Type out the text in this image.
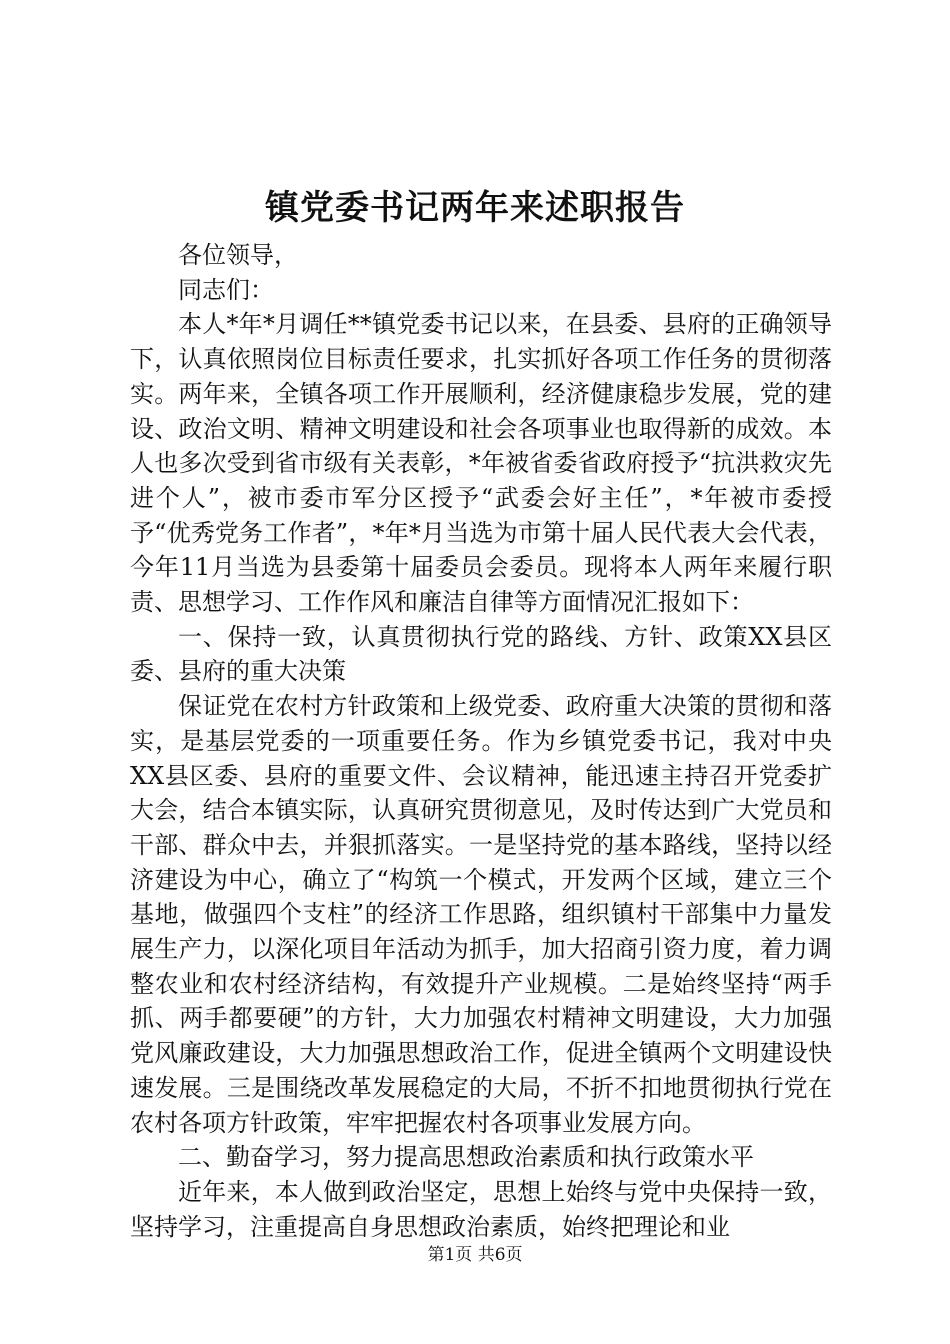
镇党委书记两年来述职报告

各位领导，

同志们：

本人*年*月调任**镇党委书记以来，在县委、县府的正确领导下，认真依照岗位目标责任要求，扎实抓好各项工作任务的贯彻落实。两年来，全镇各项工作开展顺利，经济健康稳步发展，党的建设、政治文明、精神文明建设和社会各项事业也取得新的成效。本人也多次受到省市级有关表彰，*年被省委省政府授予“抗洪救灾先进个人”，被市委市军分区授予“武委会好主任”，*年被市委授予“优秀党务工作者”，*年*月当选为市第十届人民代表大会代表，今年11月当选为县委第十届委员会委员。现将本人两年来履行职责、思想学习、工作作风和廉洁自律等方面情况汇报如下：

一、保持一致，认真贯彻执行党的路线、方针、政策XX县区委、县府的重大决策

保证党在农村方针政策和上级党委、政府重大决策的贯彻和落实，是基层党委的一项重要任务。作为乡镇党委书记，我对中央XX县区委、县府的重要文件、会议精神，能迅速主持召开党委扩大会，结合本镇实际，认真研究贯彻意见，及时传达到广大党员和干部、群众中去，并狠抓落实。一是坚持党的基本路线，坚持以经济建设为中心，确立了“构筑一个模式，开发两个区域，建立三个基地，做强四个支柱”的经济工作思路，组织镇村干部集中力量发展生产力，以深化项目年活动为抓手，加大招商引资力度，着力调整农业和农村经济结构，有效提升产业规模。二是始终坚持“两手抓、两手都要硬”的方针，大力加强农村精神文明建设，大力加强党风廉政建设，大力加强思想政治工作，促进全镇两个文明建设快速发展。三是围绕改革发展稳定的大局，不折不扣地贯彻执行党在农村各项方针政策，牢牢把握农村各项事业发展方向。

二、勤奋学习，努力提高思想政治素质和执行政策水平

近年来，本人做到政治坚定，思想上始终与党中央保持一致，坚持学习，注重提高自身思想政治素质，始终把理论和业

第1页 共6页
